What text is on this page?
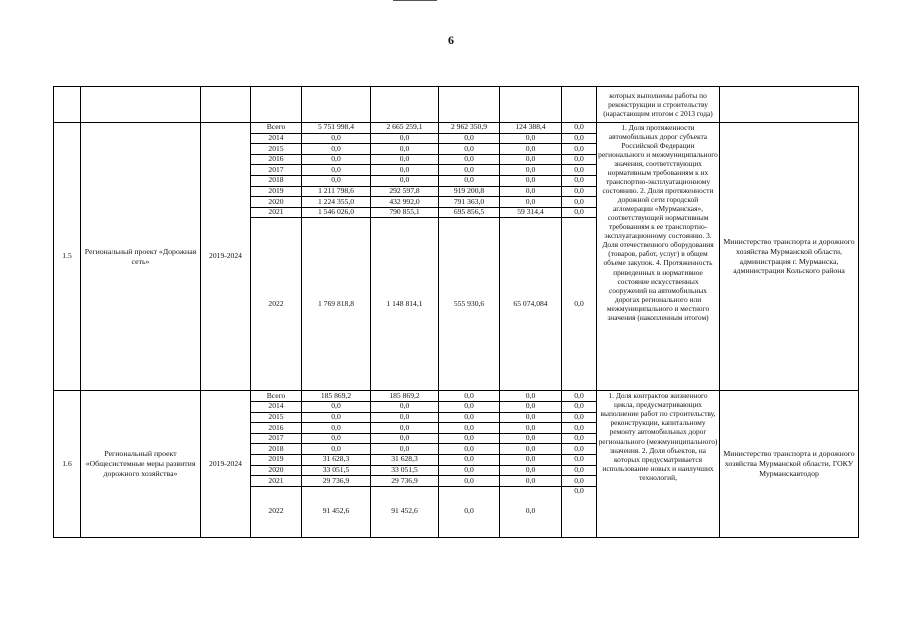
6
									которых выполнены работы по реконструкции и строительству (нарастающим итогом с 2013 года)	
1.5	Региональный проект «Дорожная сеть»	2019-2024	Всего	5 751 998,4	2 665 259,1	2 962 350,9	124 388,4	0,0	1. Доля протяженности автомобильных дорог субъекта Российской Федерации регионального и межмуниципального значения, соответствующих нормативным требованиям к их транспортно-эксплуатационному состоянию. 2. Доля протяженности дорожной сети городской агломерации «Мурманская», соответствующей нормативным требованиям к ее транспортно-эксплуатационному состоянию. 3. Доля отечественного оборудования (товаров, работ, услуг) в общем объеме закупок. 4. Протяженность приведенных в нормативное состояние искусственных сооружений на автомобильных дорогах регионального или межмуниципального и местного значения (накопленным итогом)	Министерство транспорта и дорожного хозяйства Мурманской области, администрация г. Мурманска, администрация Кольского района
			2014	0,0	0,0	0,0	0,0	0,0		
			2015	0,0	0,0	0,0	0,0	0,0		
			2016	0,0	0,0	0,0	0,0	0,0		
			2017	0,0	0,0	0,0	0,0	0,0		
			2018	0,0	0,0	0,0	0,0	0,0		
			2019	1 211 798,6	292 597,8	919 200,8	0,0	0,0		
			2020	1 224 355,0	432 992,0	791 363,0	0,0	0,0		
			2021	1 546 026,0	790 855,1	695 856,5	59 314,4	0,0		
			2022	1 769 818,8	1 148 814,1	555 930,6	65 074,084	0,0		
1.6	Региональный проект «Общесистемные меры развития дорожного хозяйства»	2019-2024	Всего	185 869,2	185 869,2	0,0	0,0	0,0	1. Доля контрактов жизненного цикла, предусматривающих выполнение работ по строительству, реконструкции, капитальному ремонту автомобильных дорог регионального (межмуниципального) значения. 2. Доля объектов, на которых предусматривается использование новых и наилучших технологий,	Министерство транспорта и дорожного хозяйства Мурманской области, ГОКУ Мурманскавтодор
			2014	0,0	0,0	0,0	0,0	0,0		
			2015	0,0	0,0	0,0	0,0	0,0		
			2016	0,0	0,0	0,0	0,0	0,0		
			2017	0,0	0,0	0,0	0,0	0,0		
			2018	0,0	0,0	0,0	0,0	0,0		
			2019	31 628,3	31 628,3	0,0	0,0	0,0		
			2020	33 051,5	33 051,5	0,0	0,0	0,0		
			2021	29 736,9	29 736,9	0,0	0,0	0,0		
			2022	91 452,6	91 452,6	0,0	0,0	0,0		
